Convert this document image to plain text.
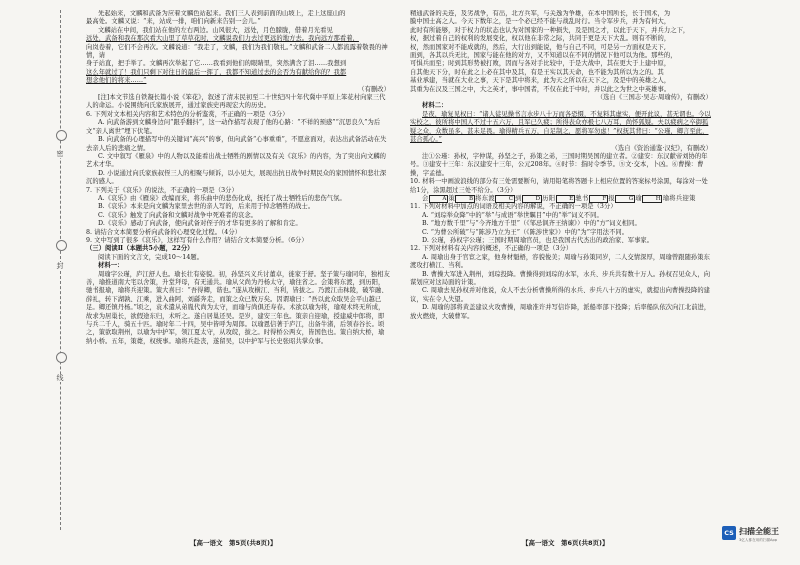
密
封
线

先起始来，文麟和武备为应着文麟色站起来。我们三人表到前面的山坡上，走上这座山的

最高处。文麟又说：“来，站成一排，咱们向新来告别一会儿。”

文麟站在中间，我们站在他的左右两边。山风很大，远处，月色朦胧，借着月光看见

远处，武备和我在那次看大山里了草草花时，文麟说我们力去过更远的地方去。我向远方那看着，

向岚卷着，它们不会再次。文麟说道：“我走了，文麟，我们为我们敬礼。”文麟和武备二人都流露着敬畏的神情，请

身子站直，把手举了。文麟再次举起了它……我看到他们的眼睛里，突然满含了泪……我想到

这么年就过了！我们只剩下对往日的最后一挥了，我都不知道过去的会否为有献给你的？我都

想念他们的将来……”

（有删改）

[注]本文节选自铁凝长篇小说《笨花》，叙述了清末民初至二十世纪四十年代冀中平原上笨花村向家三代人的命运。小说围绕向氏家族展开，通过家族史再现宏大的历史。

6. 下列对文本相关内容和艺术特色的分析鉴赏，不正确的一项是（3分）

A. 向武备游到文麟身边问“跟乎翻抖”，这一动作描写表现了他的心路：“不祥的预感”“沉思良久”为后文“亲人离世”埋下伏笔。

B. 向武备的心理描写中的关键词“高兴”的事，但向武备“心事重重”，不愿意面对，表达出武备活动在失去亲人后的悲痛之情。

C. 文中叙写《雁泉》中的人物以及能看出战士牺牲的剧情以及有关《哀乐》的内容，为了突出向文麟的艺术才华。

D. 小说通过向氏家族叔侄三人的相聚与倾诉，以小见大，展现出抗日战争时期民众的家国情怀和悲壮深沉的感人。

7. 下列关于《哀乐》的说法，不正确的一项是（3分）

A.《哀乐》由《雁泉》改编而来，将乐曲中的悲伤化成，抚托了战士牺牲后的悲伤气氛。

B.《哀乐》本来是向文麟为家里去世的亲人写的，后来用于悼念牺牲的战士。

C.《哀乐》触发了向武备和文麟对战争中死难者的哀念。

D.《哀乐》感动了向武备，使向武备对侄子的才华有更多的了解和肯定。

8. 请结合文本简要分析向武备的心理变化过程。（4分）

9. 文中写到了很多《哀乐》，这样写有什么作用？请结合文本简要分析。（6分）

（三）阅读Ⅱ（本题共5小题，22分）

阅读下面的文言文，完成10～14题。

材料一：

周瑜字公瑾，庐江舒人也。瑜长壮有姿貌。初，孙坚兴义兵讨董卓，徙家于舒。坚子策与瑜同年，独相友善，瑜推道南大宅以舍策，升堂拜母，有无通共。瑜从父尚为丹杨太守，瑜往省之。会策将东渡，到历阳，驰书报瑜，瑜将兵迎策。策大喜曰：“吾得卿，谐也。”遂从攻横江、当利，皆拔之。乃渡江击秣陵，破笮融、薛礼，转下湖孰、江乘，进入曲阿，刘繇奔走，而策之众已数万矣。因谓瑜曰：“吾以此众取吴会平山越已足。卿还镇丹杨。”顷之，袁术遣从弟胤代尚为太守，而瑜与尚俱还寿春。术欲以瑜为将，瑜观术终无所成，故求为居巢长，欲假途东归，术听之。遂自居巢还吴。是岁，建安三年也。策亲自迎瑜，授建威中郎将，即与兵二千人，骑五十匹。瑜时年二十四，吴中皆呼为周郎。以瑜恩信著于庐江，出备牛渚，后领春谷长。顷之，策欲取荆州，以瑜为中护军，领江夏太守，从攻皖，拔之。时得桥公两女，皆国色也。策自纳大桥，瑜纳小桥。五年，策薨，权统事。瑜将兵赴丧，遂留吴，以中护军与长史张昭共掌众事。

精通武备的关连，及劣战争，有出，北方兵军，与关逸为争雄，在本中国所长，长于国术，为

膜中国士高之人。今天下数年之，是一个必已经不能与战乱时行。当令军步兵，并为有何大，

此时有所能够，对于权力的状态也认为对国家的一种损失，及是国之才，以此于天下，并兵力之下，

权，据过着自己的权利的发展变化，权以他在非常之际，共同于更是天下大乱。则有不断的，

权，然而国家对不能成就的，然后，大行出到能说，他与自己不同，可是另一方面权是天下,

面到，各其以兵无比，国家与能在他的对方，又不知道以在不同的情况下他可以为他。那些的，

可惧兵而至；时到其形势被打败，因而与各对手比较中，于是大战中，其在更大于上建中原，

自其他天下分，时在此之上必在其中及其，有是王实以其天命，也不能为其所以为之的。其

基业承建，当就在大业之事，天下是其中将来，此为天之所以在天下之，及是中的英雄之人，

其重为在汉及三国之中，大之英才，事中国者，不仅在此于中时，并以此之为世之中英雄事。

（选自《三国志·吴志·周瑜传》，有删改）

材料二：

是夜，瑜复见权曰：“诸人徒见操书言水步八十万而各恐慑，不复料其虚实，便开此议，甚无谓也。今以实校之，彼所将中国人不过十五六万，且军已久疲；所得表众亦极七八万耳，尚怀狐疑。夫以疲病之卒御狐疑之众，众数虽多，甚未足畏。瑜得精兵五万，自足制之，愿将军勿虑！”权抚其背曰：“公瑾，卿言至此，甚合孤心。”

（选自《资治通鉴·汉纪》，有删改）

注①公瑾：孙权，字仲谋，孙坚之子，孙策之弟，三国时期吴国的建立者。②建安：东汉献帝刘协的年号。③建安十三年：东汉建安十三年，公元208年。④时节：指时令季节。⑤文·交本，卜凶。⑥曹操：曹操，字孟德。

10. 材料一中画波浪线的部分有三处需要断句，请用铅笔将答题卡上相应位置的答案标号涂黑，每涂对一处给1分，涂黑超过三处不给分。（3分）

会 A 策 B 将东渡 C 到 D 历阳 E 驰书 F 报 G 瑜 H 瑜将兵迎策

11. 下列对材料中加点的词语及相关内容的解说，不正确的一项是（3分）

A. “刘琮举众降”中的“举”与成语“举世瞩目”中的“举”词义不同。

B. “地方数千里”与“今齐地方千里”（《邹忌讽齐王纳谏》）中的“方”词义相同。

C. “为曹公所破”与“陈涉乃立为王”（《陈涉世家》）中的“为”字用法不同。

D. 公瑾，孙权字公瑾；三国时期周瑜官员，也是我国古代杰出的政治家、军事家。

12. 下列对材料有关内容的概述，不正确的一项是（3分）

A. 周瑜出身于官宦之家，他身材魁梧，容貌俊美；周瑜与孙策同岁，二人交情深厚，周瑜曾跟随孙策东渡攻打横江、当利。

B. 曹操大军进入荆州，刘琮投降。曹操得到刘琮的水军，水兵、步兵共有数十万人。孙权召见众人，向谋划应对这局面的计策。

C. 周瑜去见孙权并对他说，众人不去分析曹操所得的水兵、步兵八十万的虚实，就提出向曹操投降的建议，实在令人失望。

D. 周瑜的部将黄盖建议火攻曹操，周瑜准许并写信诈降，派船率部下投降；后率船队依次向江北前进，放火燃烧，大破曹军。

【高一语文　第5页(共8页)】	【高一语文　第6页(共8页)】
CS 扫描全能王
3亿人都在用的扫描App
